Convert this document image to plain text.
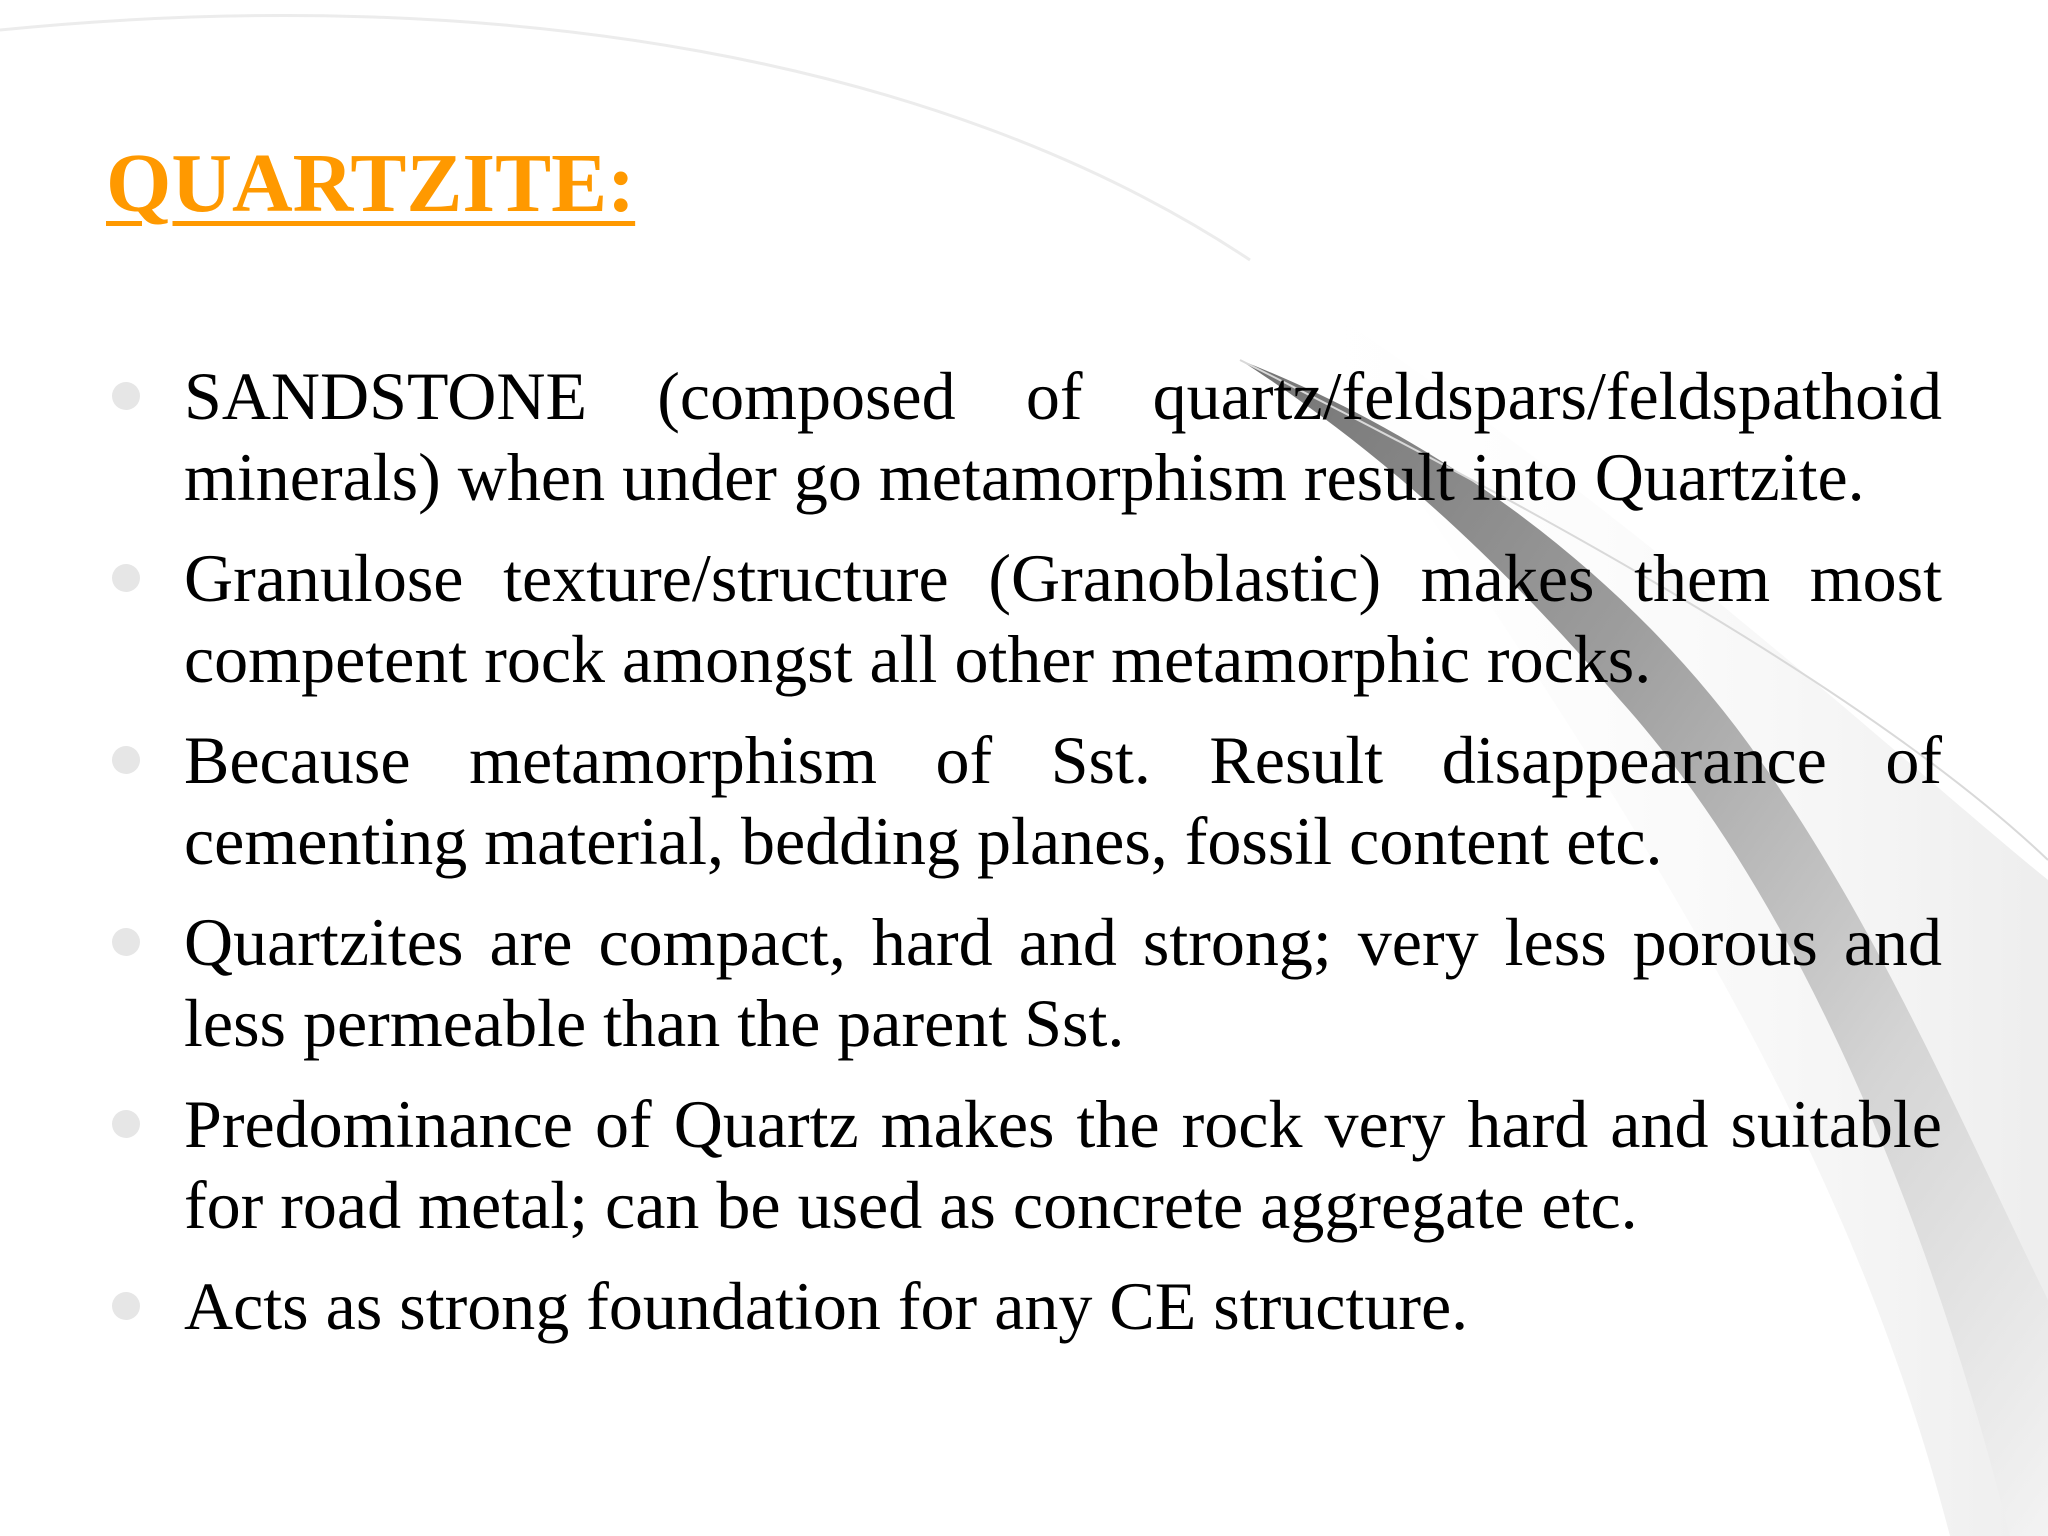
QUARTZITE:
SANDSTONE (composed of quartz/feldspars/feldspathoid minerals) when under go metamorphism result into Quartzite.
Granulose texture/structure (Granoblastic) makes them most competent rock amongst all other metamorphic rocks.
Because metamorphism of Sst. Result disappearance of cementing material, bedding planes, fossil content etc.
Quartzites are compact, hard and strong; very less porous and less permeable than the parent Sst.
Predominance of Quartz makes the rock very hard and suitable for road metal; can be used as concrete aggregate etc.
Acts as strong foundation for any CE structure.
